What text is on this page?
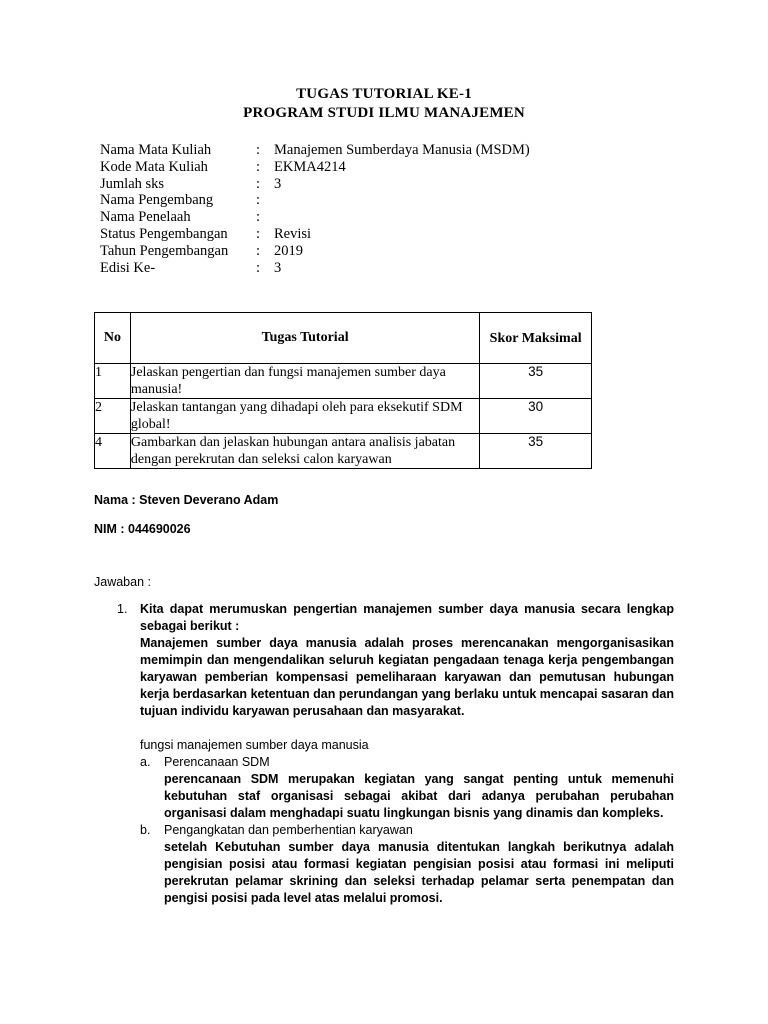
TUGAS TUTORIAL KE-1
PROGRAM STUDI ILMU MANAJEMEN
Nama Mata Kuliah	: Manajemen Sumberdaya Manusia (MSDM)
Kode Mata Kuliah	: EKMA4214
Jumlah sks	: 3
Nama Pengembang	:
Nama Penelaah	:
Status Pengembangan : Revisi
Tahun Pengembangan : 2019
Edisi Ke-	: 3
No	Tugas Tutorial	Skor Maksimal
1	Jelaskan pengertian dan fungsi manajemen sumber daya manusia!	35
2	Jelaskan tantangan yang dihadapi oleh para eksekutif SDM global!	30
4	Gambarkan dan jelaskan hubungan antara analisis jabatan dengan perekrutan dan seleksi calon karyawan	35
Nama : Steven Deverano Adam
NIM : 044690026
Jawaban :
1. Kita dapat merumuskan pengertian manajemen sumber daya manusia secara lengkap sebagai berikut :

Manajemen sumber daya manusia adalah proses merencanakan mengorganisasikan memimpin dan mengendalikan seluruh kegiatan pengadaan tenaga kerja pengembangan karyawan pemberian kompensasi pemeliharaan karyawan dan pemutusan hubungan kerja berdasarkan ketentuan dan perundangan yang berlaku untuk mencapai sasaran dan tujuan individu karyawan perusahaan dan masyarakat.

fungsi manajemen sumber daya manusia

a.	Perencanaan SDM
perencanaan SDM merupakan kegiatan yang sangat penting untuk memenuhi kebutuhan staf organisasi sebagai akibat dari adanya perubahan perubahan organisasi dalam menghadapi suatu lingkungan bisnis yang dinamis dan kompleks.
b.	Pengangkatan dan pemberhentian karyawan
setelah Kebutuhan sumber daya manusia ditentukan langkah berikutnya adalah pengisian posisi atau formasi kegiatan pengisian posisi atau formasi ini meliputi perekrutan pelamar skrining dan seleksi terhadap pelamar serta penempatan dan pengisi posisi pada level atas melalui promosi.
